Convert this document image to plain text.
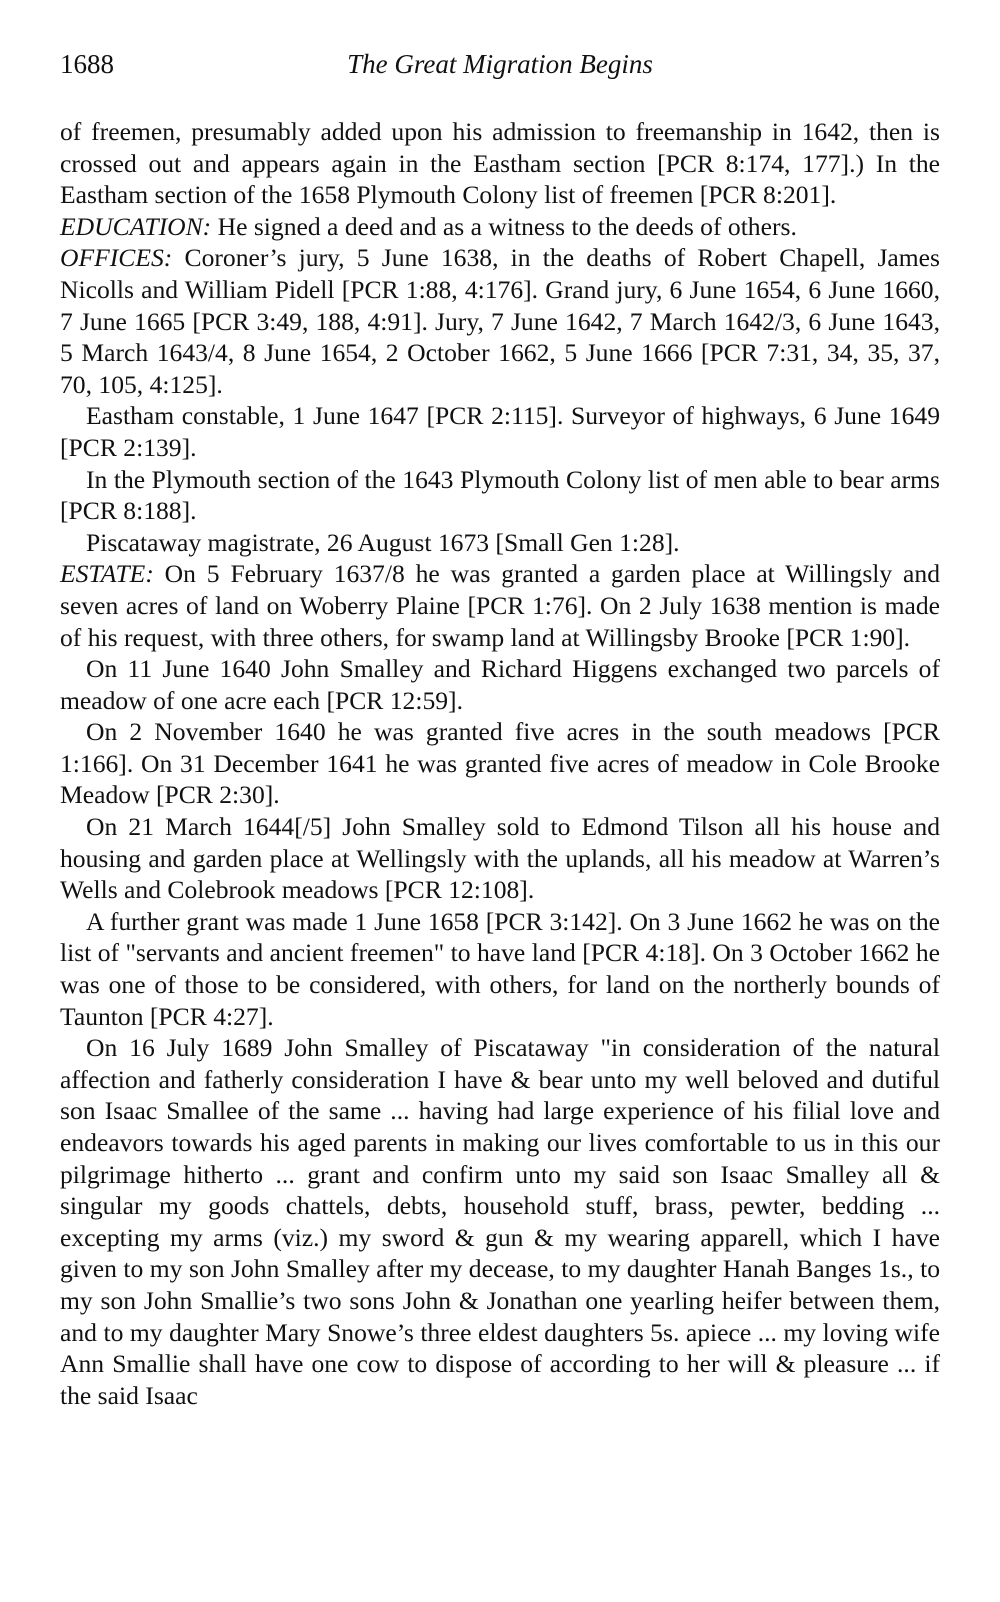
1688	The Great Migration Begins

of freemen, presumably added upon his admission to freemanship in 1642, then is crossed out and appears again in the Eastham section [PCR 8:174, 177].) In the Eastham section of the 1658 Plymouth Colony list of freemen [PCR 8:201].

EDUCATION: He signed a deed and as a witness to the deeds of others.

OFFICES: Coroner’s jury, 5 June 1638, in the deaths of Robert Chapell, James Nicolls and William Pidell [PCR 1:88, 4:176]. Grand jury, 6 June 1654, 6 June 1660, 7 June 1665 [PCR 3:49, 188, 4:91]. Jury, 7 June 1642, 7 March 1642/3, 6 June 1643, 5 March 1643/4, 8 June 1654, 2 October 1662, 5 June 1666 [PCR 7:31, 34, 35, 37, 70, 105, 4:125].

Eastham constable, 1 June 1647 [PCR 2:115]. Surveyor of highways, 6 June 1649 [PCR 2:139].

In the Plymouth section of the 1643 Plymouth Colony list of men able to bear arms [PCR 8:188].

Piscataway magistrate, 26 August 1673 [Small Gen 1:28].

ESTATE: On 5 February 1637/8 he was granted a garden place at Willingsly and seven acres of land on Woberry Plaine [PCR 1:76]. On 2 July 1638 mention is made of his request, with three others, for swamp land at Willingsby Brooke [PCR 1:90].

On 11 June 1640 John Smalley and Richard Higgens exchanged two parcels of meadow of one acre each [PCR 12:59].

On 2 November 1640 he was granted five acres in the south meadows [PCR 1:166]. On 31 December 1641 he was granted five acres of meadow in Cole Brooke Meadow [PCR 2:30].

On 21 March 1644[/5] John Smalley sold to Edmond Tilson all his house and housing and garden place at Wellingsly with the uplands, all his meadow at Warren’s Wells and Colebrook meadows [PCR 12:108].

A further grant was made 1 June 1658 [PCR 3:142]. On 3 June 1662 he was on the list of "servants and ancient freemen" to have land [PCR 4:18]. On 3 October 1662 he was one of those to be considered, with others, for land on the northerly bounds of Taunton [PCR 4:27].

On 16 July 1689 John Smalley of Piscataway "in consideration of the natural affection and fatherly consideration I have & bear unto my well beloved and dutiful son Isaac Smallee of the same ... having had large experience of his filial love and endeavors towards his aged parents in making our lives comfortable to us in this our pilgrimage hitherto ... grant and confirm unto my said son Isaac Smalley all & singular my goods chattels, debts, household stuff, brass, pewter, bedding ... excepting my arms (viz.) my sword & gun & my wearing apparell, which I have given to my son John Smalley after my decease, to my daughter Hanah Banges 1s., to my son John Smallie’s two sons John & Jonathan one yearling heifer between them, and to my daughter Mary Snowe’s three eldest daughters 5s. apiece ... my loving wife Ann Smallie shall have one cow to dispose of according to her will & pleasure ... if the said Isaac
